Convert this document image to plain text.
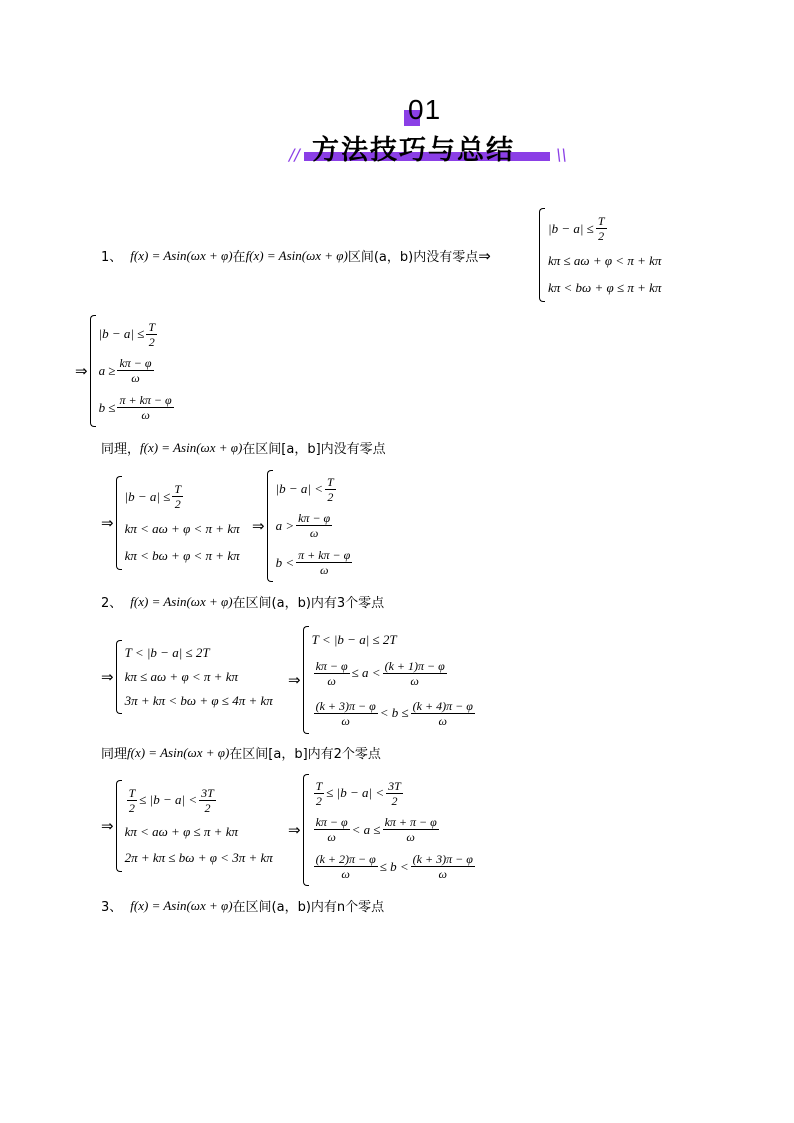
01
//	\\
方法技巧与总结
1、 f(x) = Asin(ωx + φ) 在 f(x) = Asin(ωx + φ) 区间(a，b)内没有零点 ⇒
$|b - a| \le \frac{T}{2}$
kπ ≤ aω + φ < π + kπ
kπ < bω + φ ≤ π + kπ
⇒
$|b - a| \le \frac{T}{2}$
$a \ge \frac{k\pi - \varphi}{\omega}$
$b \le \frac{\pi + k\pi - \varphi}{\omega}$
同理， f(x) = Asin(ωx + φ) 在区间[a，b]内没有零点
⇒
$|b - a| \le \frac{T}{2}$
kπ < aω + φ < π + kπ
kπ < bω + φ < π + kπ
⇒
$|b - a| < \frac{T}{2}$
$a > \frac{k\pi - \varphi}{\omega}$
$b < \frac{\pi + k\pi - \varphi}{\omega}$
2、 f(x) = Asin(ωx + φ) 在区间(a，b)内有3个零点
⇒
T < |b − a| ≤ 2T
kπ ≤ aω + φ < π + kπ
3π + kπ < bω + φ ≤ 4π + kπ
⇒
T < |b − a| ≤ 2T
$\frac{k\pi - \varphi}{\omega} \le a < \frac{(k + 1)\pi - \varphi}{\omega}$
$\frac{(k + 3)\pi - \varphi}{\omega} < b \le \frac{(k + 4)\pi - \varphi}{\omega}$
同理 f(x) = Asin(ωx + φ) 在区间[a，b]内有2个零点
⇒
$\frac{T}{2} \le |b - a| < \frac{3T}{2}$
kπ < aω + φ ≤ π + kπ
2π + kπ ≤ bω + φ < 3π + kπ
⇒
$\frac{T}{2} \le |b - a| < \frac{3T}{2}$
$\frac{k\pi - \varphi}{\omega} < a \le \frac{k\pi + \pi - \varphi}{\omega}$
$\frac{(k + 2)\pi - \varphi}{\omega} \le b < \frac{(k + 3)\pi - \varphi}{\omega}$
3、 f(x) = Asin(ωx + φ) 在区间(a，b)内有n个零点
